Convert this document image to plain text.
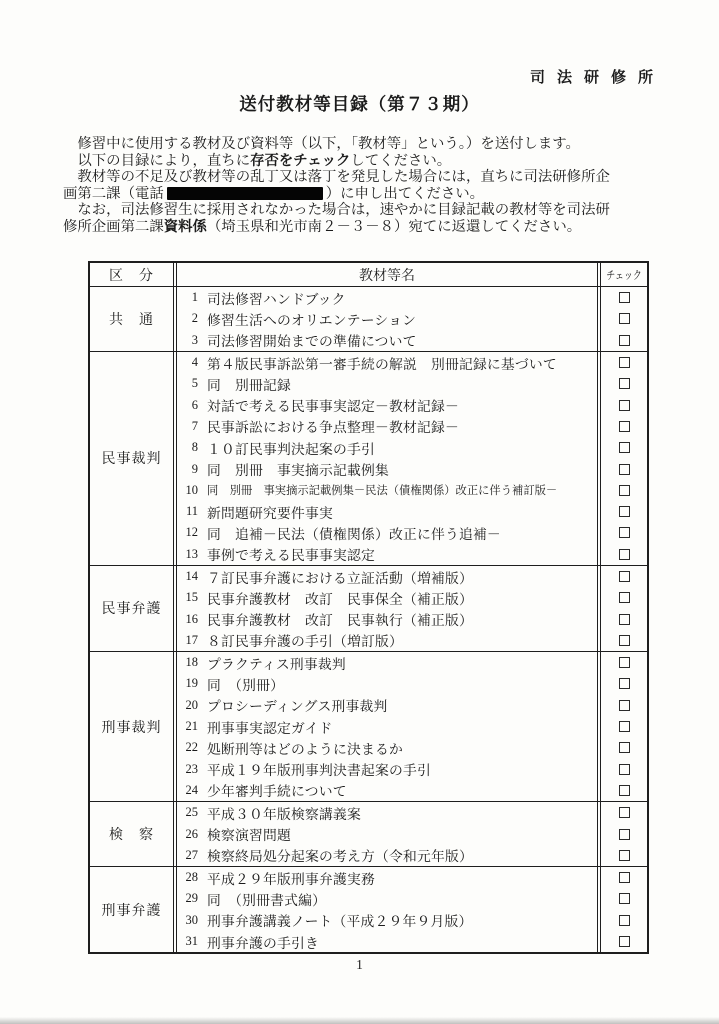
司法研修所
送付教材等目録（第７３期）
　修習中に使用する教材及び資料等（以下，「教材等」という。）を送付します。
　以下の目録により，直ちに存否をチェックしてください。
　教材等の不足及び教材等の乱丁又は落丁を発見した場合には，直ちに司法研修所企
画第二課（電話	）に申し出てください。
　なお，司法修習生に採用されなかった場合は，速やかに目録記載の教材等を司法研
修所企画第二課資料係（埼玉県和光市南２－３－８）宛てに返還してください。
区　分	教材等名	チェック
共　通
1 司法修習ハンドブック
2 修習生活へのオリエンテーション
3 司法修習開始までの準備について
民事裁判
4 第４版民事訴訟第一審手続の解説　別冊記録に基づいて
5 同　別冊記録
6 対話で考える民事事実認定－教材記録－
7 民事訴訟における争点整理－教材記録－
8 １０訂民事判決起案の手引
9 同　別冊　事実摘示記載例集
10 同　別冊　事実摘示記載例集－民法（債権関係）改正に伴う補訂版－
11 新問題研究要件事実
12 同　追補－民法（債権関係）改正に伴う追補－
13 事例で考える民事事実認定
民事弁護
14 ７訂民事弁護における立証活動（増補版）
15 民事弁護教材　改訂　民事保全（補正版）
16 民事弁護教材　改訂　民事執行（補正版）
17 ８訂民事弁護の手引（増訂版）
刑事裁判
18 プラクティス刑事裁判
19 同　（別冊）
20 プロシーディングス刑事裁判
21 刑事事実認定ガイド
22 処断刑等はどのように決まるか
23 平成１９年版刑事判決書起案の手引
24 少年審判手続について
検　察
25 平成３０年版検察講義案
26 検察演習問題
27 検察終局処分起案の考え方（令和元年版）
刑事弁護
28 平成２９年版刑事弁護実務
29 同　（別冊書式編）
30 刑事弁護講義ノート（平成２９年９月版）
31 刑事弁護の手引き
1
